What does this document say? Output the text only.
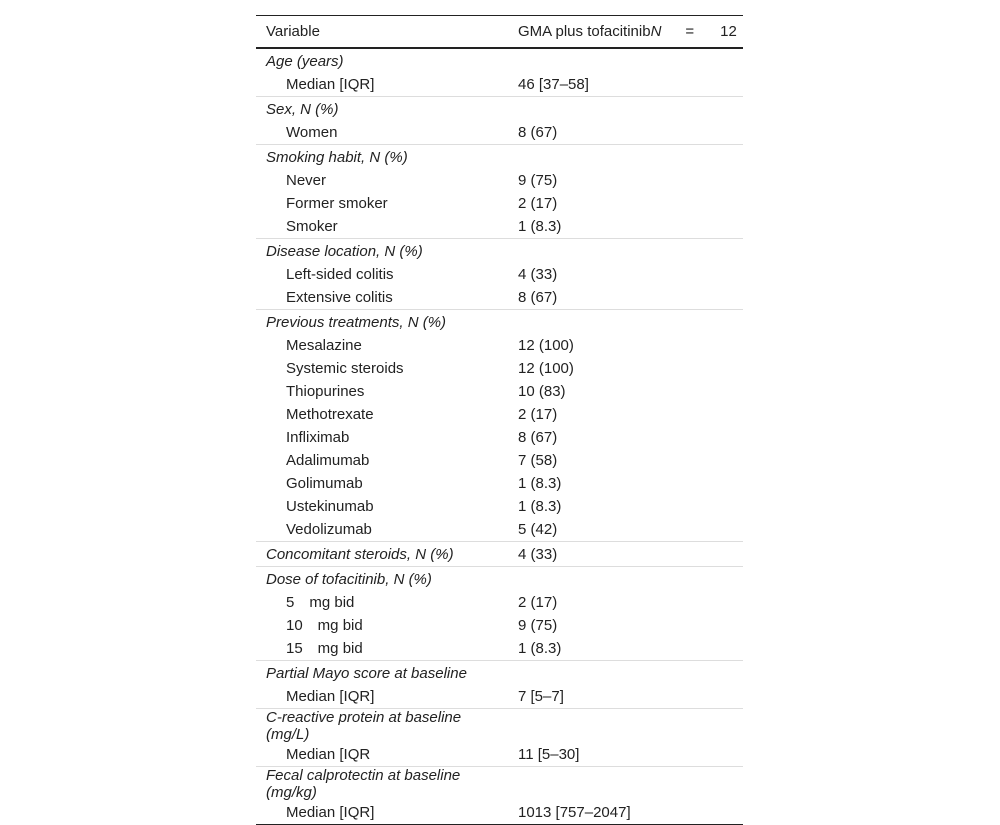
Variable	GMA plus tofacitinibN = 12
Age (years)	
Median [IQR]	46 [37–58]
Sex, N (%)	
Women	8 (67)
Smoking habit, N (%)	
Never	9 (75)
Former smoker	2 (17)
Smoker	1 (8.3)
Disease location, N (%)	
Left-sided colitis	4 (33)
Extensive colitis	8 (67)
Previous treatments, N (%)	
Mesalazine	12 (100)
Systemic steroids	12 (100)
Thiopurines	10 (83)
Methotrexate	2 (17)
Infliximab	8 (67)
Adalimumab	7 (58)
Golimumab	1 (8.3)
Ustekinumab	1 (8.3)
Vedolizumab	5 (42)
Concomitant steroids, N (%)	4 (33)
Dose of tofacitinib, N (%)	
5 mg bid	2 (17)
10 mg bid	9 (75)
15 mg bid	1 (8.3)
Partial Mayo score at baseline	
Median [IQR]	7 [5–7]
C-reactive protein at baseline (mg/L)	
Median [IQR	11 [5–30]
Fecal calprotectin at baseline (mg/kg)	
Median [IQR]	1013 [757–2047]
